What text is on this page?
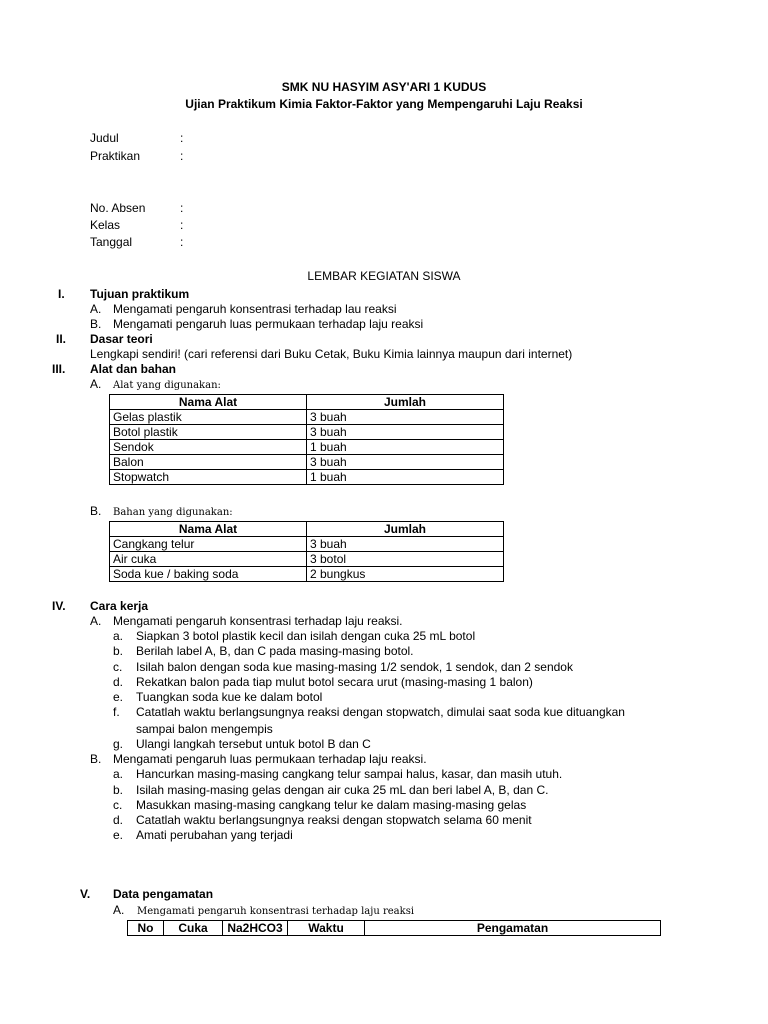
SMK NU HASYIM ASY'ARI 1 KUDUS
Ujian Praktikum Kimia Faktor-Faktor yang Mempengaruhi Laju Reaksi
Judul	:
Praktikan	:
No. Absen	:
Kelas	:
Tanggal	:
LEMBAR KEGIATAN SISWA
I. Tujuan praktikum
A. Mengamati pengaruh konsentrasi terhadap lau reaksi
B. Mengamati pengaruh luas permukaan terhadap laju reaksi
II. Dasar teori
Lengkapi sendiri! (cari referensi dari Buku Cetak, Buku Kimia lainnya maupun dari internet)
III. Alat dan bahan
A. Alat yang digunakan:
Nama Alat	Jumlah
Gelas plastik	3 buah
Botol plastik	3 buah
Sendok	1 buah
Balon	3 buah
Stopwatch	1 buah
B. Bahan yang digunakan:
Nama Alat	Jumlah
Cangkang telur	3 buah
Air cuka	3 botol
Soda kue / baking soda	2 bungkus
IV. Cara kerja
A. Mengamati pengaruh konsentrasi terhadap laju reaksi.
a. Siapkan 3 botol plastik kecil dan isilah dengan cuka 25 mL botol
b. Berilah label A, B, dan C pada masing-masing botol.
c. Isilah balon dengan soda kue masing-masing 1/2 sendok, 1 sendok, dan 2 sendok
d. Rekatkan balon pada tiap mulut botol secara urut (masing-masing 1 balon)
e. Tuangkan soda kue ke dalam botol
f. Catatlah waktu berlangsungnya reaksi dengan stopwatch, dimulai saat soda kue dituangkan
sampai balon mengempis
g. Ulangi langkah tersebut untuk botol B dan C
B. Mengamati pengaruh luas permukaan terhadap laju reaksi.
a. Hancurkan masing-masing cangkang telur sampai halus, kasar, dan masih utuh.
b. Isilah masing-masing gelas dengan air cuka 25 mL dan beri label A, B, dan C.
c. Masukkan masing-masing cangkang telur ke dalam masing-masing gelas
d. Catatlah waktu berlangsungnya reaksi dengan stopwatch selama 60 menit
e. Amati perubahan yang terjadi
V. Data pengamatan
A. Mengamati pengaruh konsentrasi terhadap laju reaksi
No	Cuka	Na2HCO3	Waktu	Pengamatan
